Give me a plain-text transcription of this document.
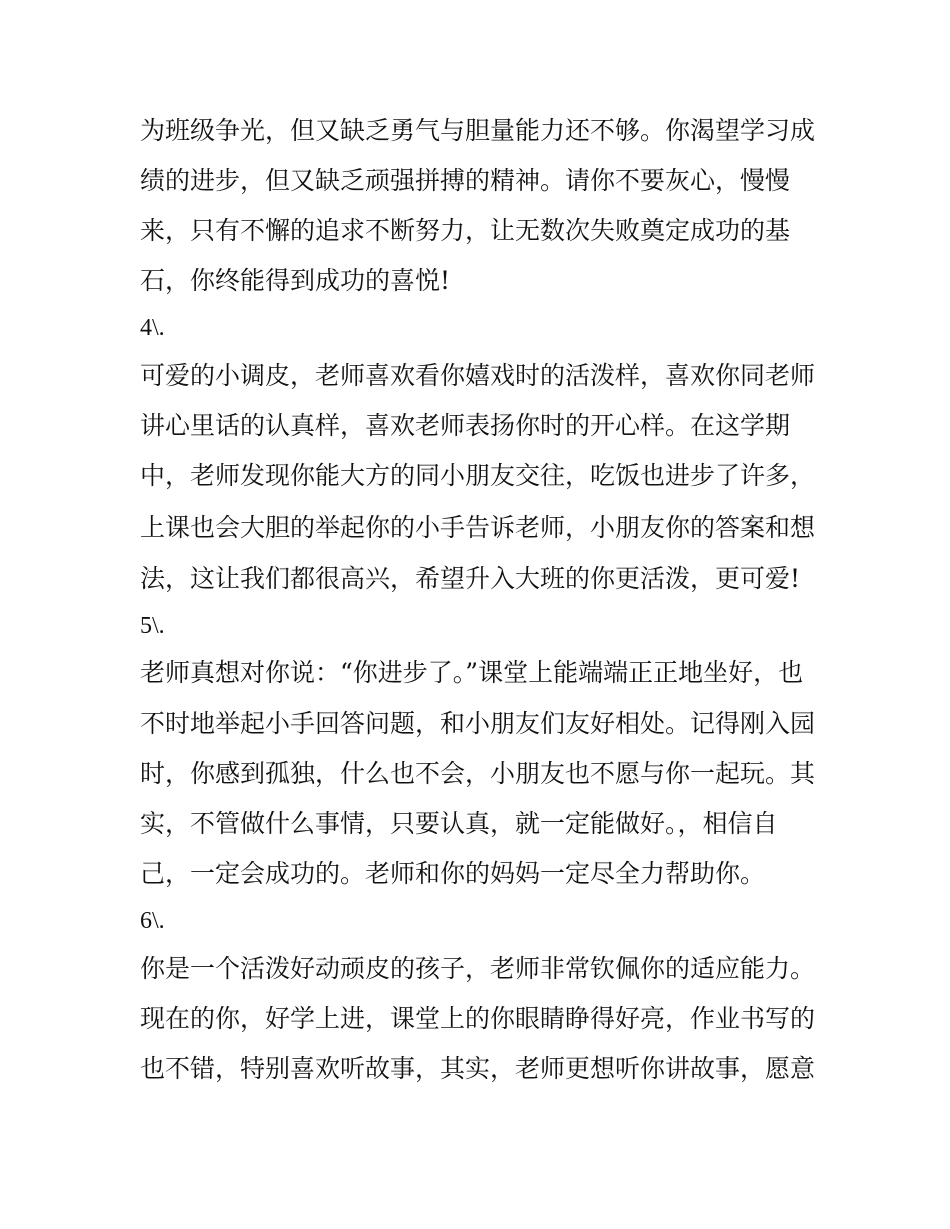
为班级争光，但又缺乏勇气与胆量能力还不够。你渴望学习成
绩的进步，但又缺乏顽强拼搏的精神。请你不要灰心，慢慢
来，只有不懈的追求不断努力，让无数次失败奠定成功的基
石，你终能得到成功的喜悦!
4\.
可爱的小调皮，老师喜欢看你嬉戏时的活泼样，喜欢你同老师
讲心里话的认真样，喜欢老师表扬你时的开心样。在这学期
中，老师发现你能大方的同小朋友交往，吃饭也进步了许多，
上课也会大胆的举起你的小手告诉老师，小朋友你的答案和想
法，这让我们都很高兴，希望升入大班的你更活泼，更可爱!
5\.
老师真想对你说：“你进步了。”课堂上能端端正正地坐好，也
不时地举起小手回答问题，和小朋友们友好相处。记得刚入园
时，你感到孤独，什么也不会，小朋友也不愿与你一起玩。其
实，不管做什么事情，只要认真，就一定能做好。，相信自
己，一定会成功的。老师和你的妈妈一定尽全力帮助你。
6\.
你是一个活泼好动顽皮的孩子，老师非常钦佩你的适应能力。
现在的你，好学上进，课堂上的你眼睛睁得好亮，作业书写的
也不错，特别喜欢听故事，其实，老师更想听你讲故事，愿意
